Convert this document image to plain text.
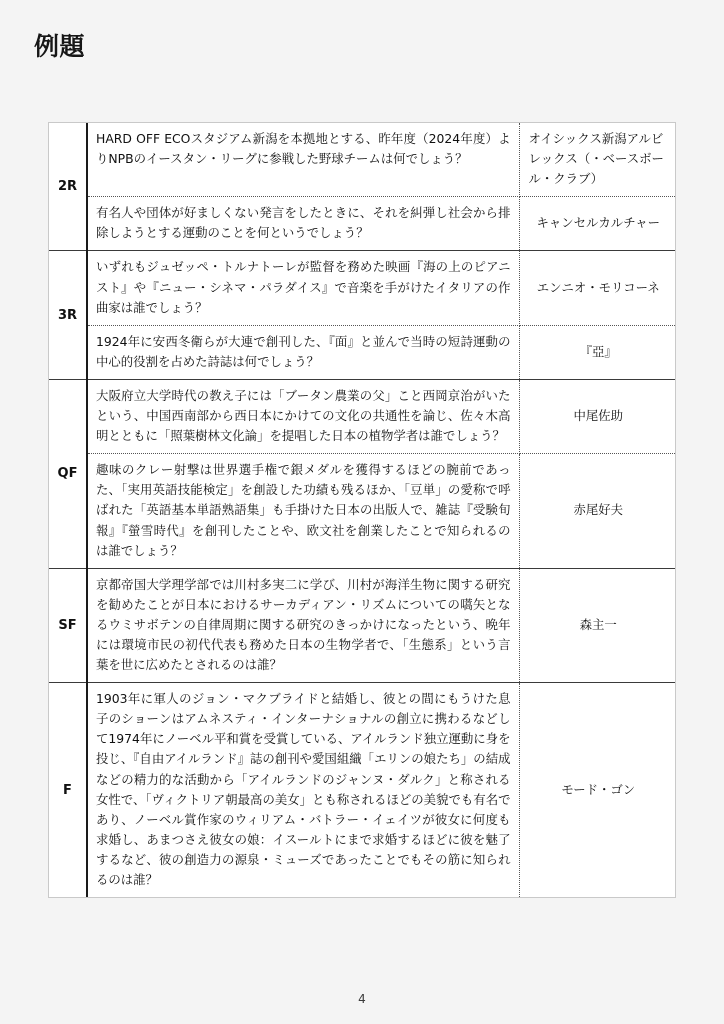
例題
2R	HARD OFF ECOスタジアム新潟を本拠地とする、昨年度（2024年度）よりNPBのイースタン・リーグに参戦した野球チームは何でしょう？	オイシックス新潟アルビレックス（・ベースボール・クラブ）
	有名人や団体が好ましくない発言をしたときに、それを糾弾し社会から排除しようとする運動のことを何というでしょう？	キャンセルカルチャー
3R	いずれもジュゼッペ・トルナトーレが監督を務めた映画『海の上のピアニスト』や『ニュー・シネマ・パラダイス』で音楽を手がけたイタリアの作曲家は誰でしょう？	エンニオ・モリコーネ
	1924年に安西冬衛らが大連で創刊した、『面』と並んで当時の短詩運動の中心的役割を占めた詩誌は何でしょう？	『亞』
QF	大阪府立大学時代の教え子には「ブータン農業の父」こと西岡京治がいたという、中国西南部から西日本にかけての文化の共通性を論じ、佐々木高明とともに「照葉樹林文化論」を提唱した日本の植物学者は誰でしょう？	中尾佐助
	趣味のクレー射撃は世界選手権で銀メダルを獲得するほどの腕前であった、「実用英語技能検定」を創設した功績も残るほか、「豆単」の愛称で呼ばれた「英語基本単語熟語集」も手掛けた日本の出版人で、雑誌『受験旬報』『螢雪時代』を創刊したことや、欧文社を創業したことで知られるのは誰でしょう？	赤尾好夫
SF	京都帝国大学理学部では川村多実二に学び、川村が海洋生物に関する研究を勧めたことが日本におけるサーカディアン・リズムについての嚆矢となるウミサボテンの自律周期に関する研究のきっかけになったという、晩年には環境市民の初代代表も務めた日本の生物学者で、「生態系」という言葉を世に広めたとされるのは誰？	森主一
F	1903年に軍人のジョン・マクブライドと結婚し、彼との間にもうけた息子のショーンはアムネスティ・インターナショナルの創立に携わるなどして1974年にノーベル平和賞を受賞している、アイルランド独立運動に身を投じ、『自由アイルランド』誌の創刊や愛国組織「エリンの娘たち」の結成などの精力的な活動から「アイルランドのジャンヌ・ダルク」と称される女性で、「ヴィクトリア朝最高の美女」とも称されるほどの美貌でも有名であり、ノーベル賞作家のウィリアム・バトラー・イェイツが彼女に何度も求婚し、あまつさえ彼女の娘：イスールトにまで求婚するほどに彼を魅了するなど、彼の創造力の源泉・ミューズであったことでもその筋に知られるのは誰？	モード・ゴン
4
